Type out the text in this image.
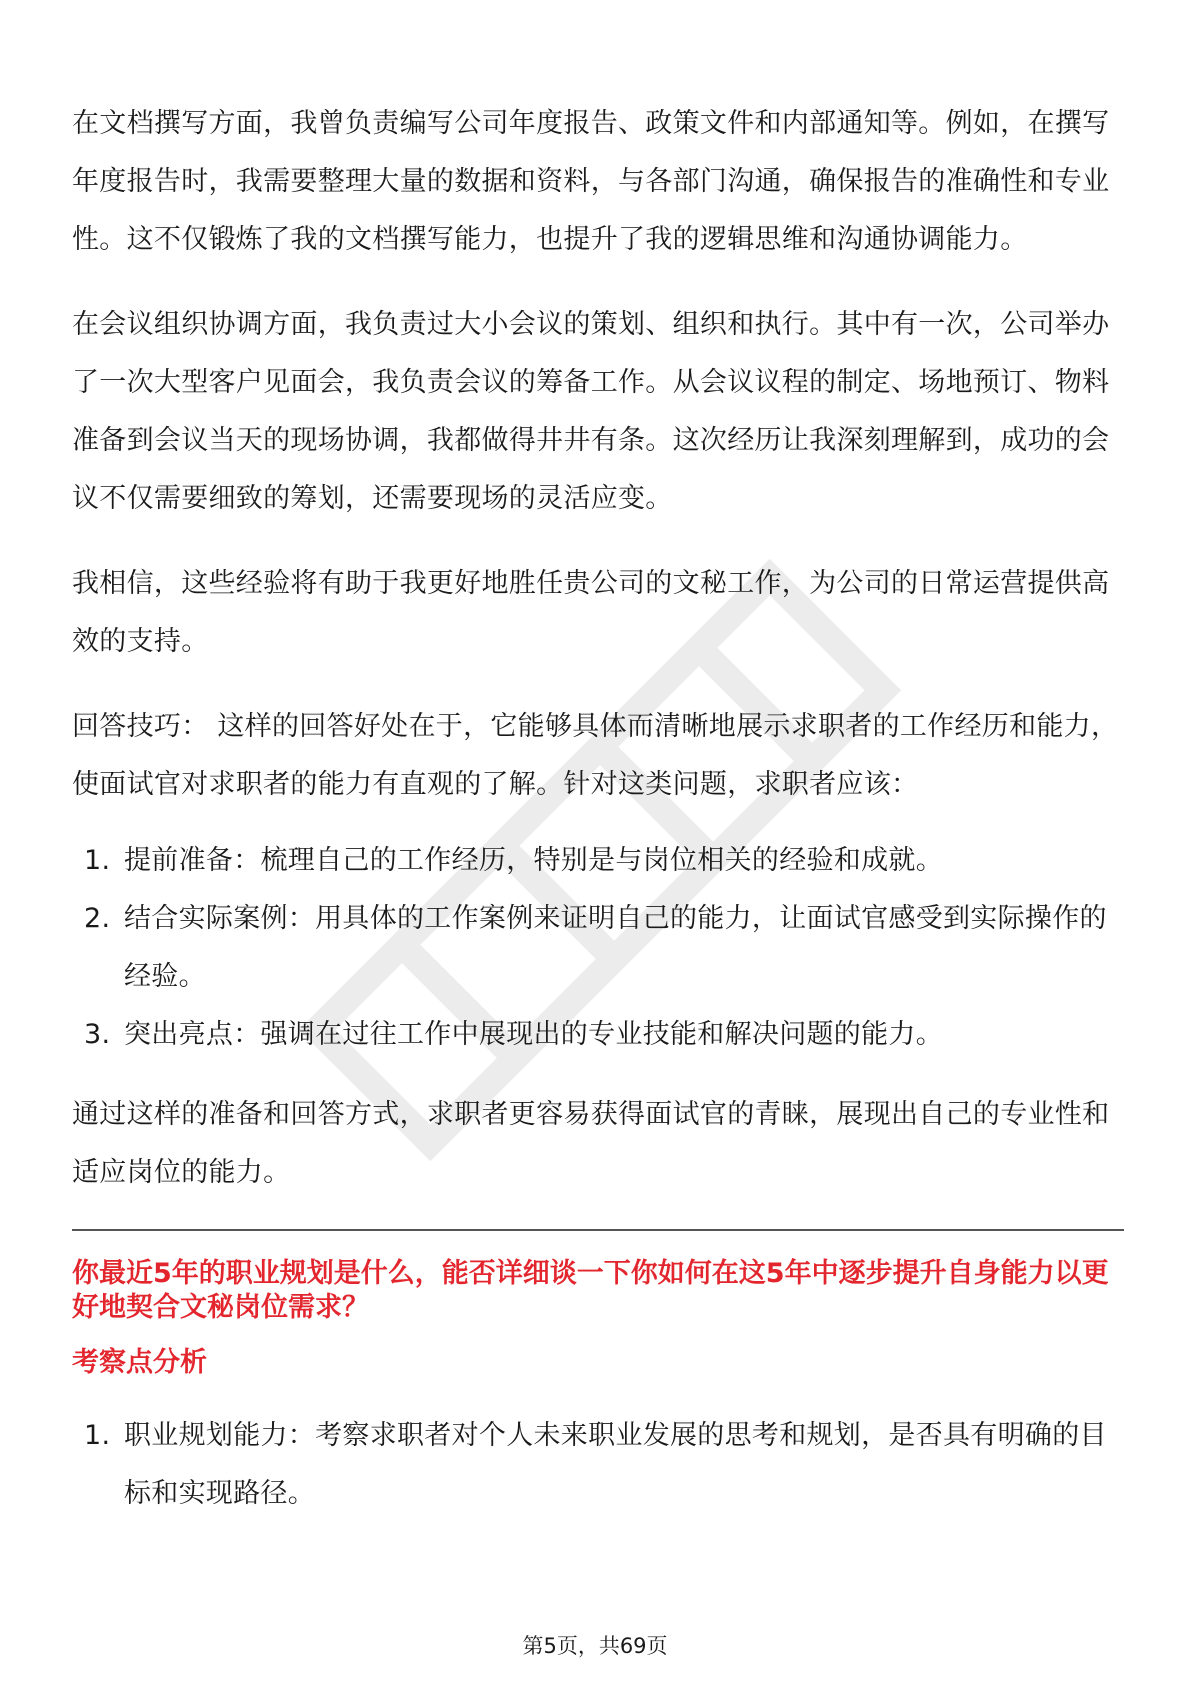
在文档撰写方面，我曾负责编写公司年度报告、政策文件和内部通知等。例如，在撰写年度报告时，我需要整理大量的数据和资料，与各部门沟通，确保报告的准确性和专业性。这不仅锻炼了我的文档撰写能力，也提升了我的逻辑思维和沟通协调能力。

在会议组织协调方面，我负责过大小会议的策划、组织和执行。其中有一次，公司举办了一次大型客户见面会，我负责会议的筹备工作。从会议议程的制定、场地预订、物料准备到会议当天的现场协调，我都做得井井有条。这次经历让我深刻理解到，成功的会议不仅需要细致的筹划，还需要现场的灵活应变。

我相信，这些经验将有助于我更好地胜任贵公司的文秘工作，为公司的日常运营提供高效的支持。

回答技巧： 这样的回答好处在于，它能够具体而清晰地展示求职者的工作经历和能力，使面试官对求职者的能力有直观的了解。针对这类问题，求职者应该：

1. 提前准备：梳理自己的工作经历，特别是与岗位相关的经验和成就。
2. 结合实际案例：用具体的工作案例来证明自己的能力，让面试官感受到实际操作的经验。
3. 突出亮点：强调在过往工作中展现出的专业技能和解决问题的能力。

通过这样的准备和回答方式，求职者更容易获得面试官的青睐，展现出自己的专业性和适应岗位的能力。

你最近5年的职业规划是什么，能否详细谈一下你如何在这5年中逐步提升自身能力以更好地契合文秘岗位需求？
考察点分析
1. 职业规划能力：考察求职者对个人未来职业发展的思考和规划，是否具有明确的目标和实现路径。
第5页，共69页
